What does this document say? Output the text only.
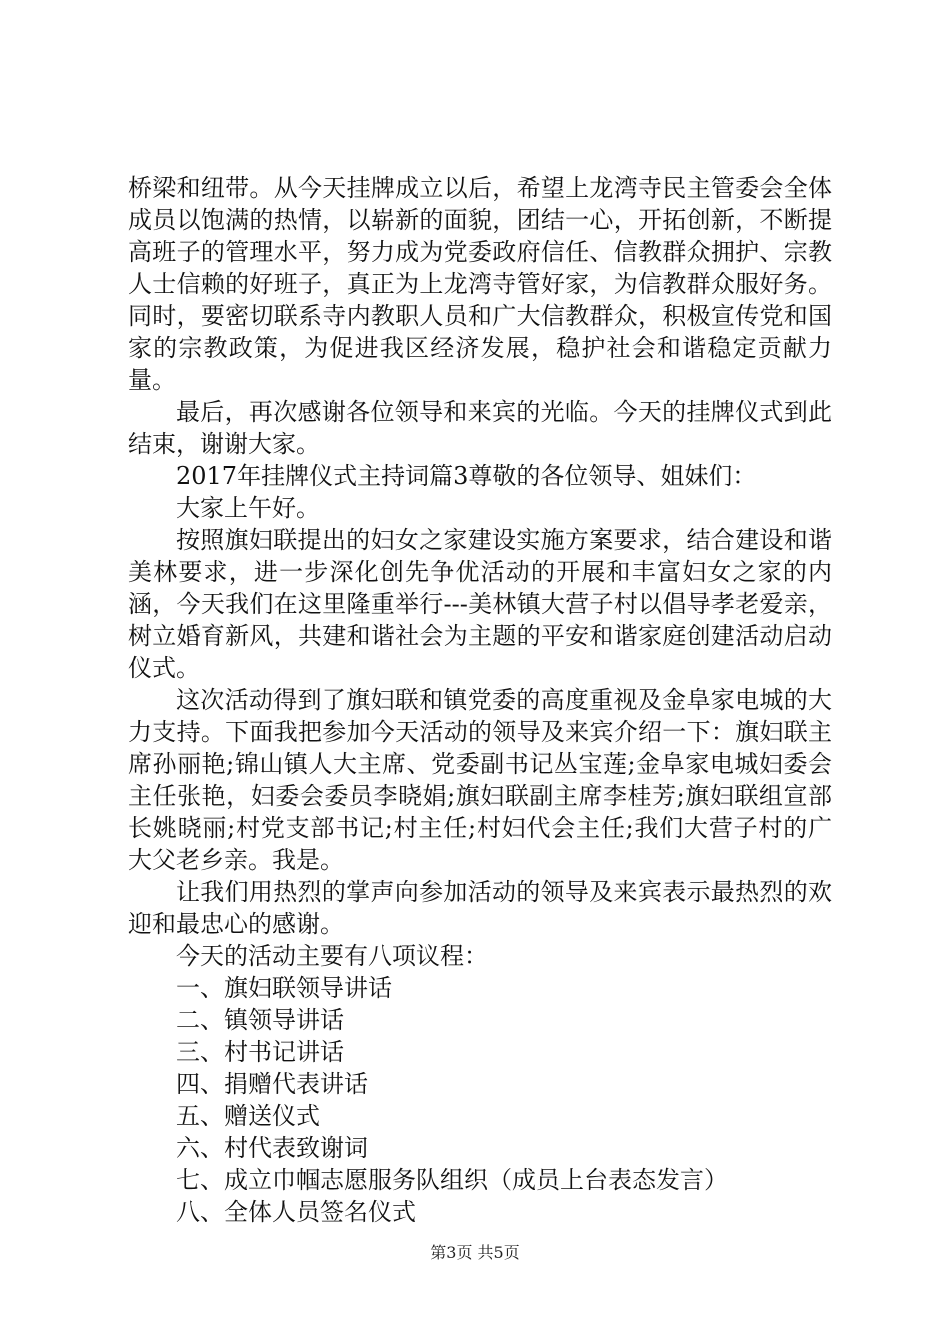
桥梁和纽带。从今天挂牌成立以后，希望上龙湾寺民主管委会全体成员以饱满的热情，以崭新的面貌，团结一心，开拓创新，不断提高班子的管理水平，努力成为党委政府信任、信教群众拥护、宗教人士信赖的好班子，真正为上龙湾寺管好家，为信教群众服好务。同时，要密切联系寺内教职人员和广大信教群众，积极宣传党和国家的宗教政策，为促进我区经济发展，稳护社会和谐稳定贡献力量。

最后，再次感谢各位领导和来宾的光临。今天的挂牌仪式到此结束，谢谢大家。

2017年挂牌仪式主持词篇3尊敬的各位领导、姐妹们：

大家上午好。

按照旗妇联提出的妇女之家建设实施方案要求，结合建设和谐美林要求，进一步深化创先争优活动的开展和丰富妇女之家的内涵，今天我们在这里隆重举行---美林镇大营子村以倡导孝老爱亲，树立婚育新风，共建和谐社会为主题的平安和谐家庭创建活动启动仪式。

这次活动得到了旗妇联和镇党委的高度重视及金阜家电城的大力支持。下面我把参加今天活动的领导及来宾介绍一下：旗妇联主席孙丽艳;锦山镇人大主席、党委副书记丛宝莲;金阜家电城妇委会主任张艳，妇委会委员李晓娟;旗妇联副主席李桂芳;旗妇联组宣部长姚晓丽;村党支部书记;村主任;村妇代会主任;我们大营子村的广大父老乡亲。我是。

让我们用热烈的掌声向参加活动的领导及来宾表示最热烈的欢迎和最忠心的感谢。

今天的活动主要有八项议程：

一、旗妇联领导讲话

二、镇领导讲话

三、村书记讲话

四、捐赠代表讲话

五、赠送仪式

六、村代表致谢词

七、成立巾帼志愿服务队组织（成员上台表态发言）

八、全体人员签名仪式

第3页 共5页
